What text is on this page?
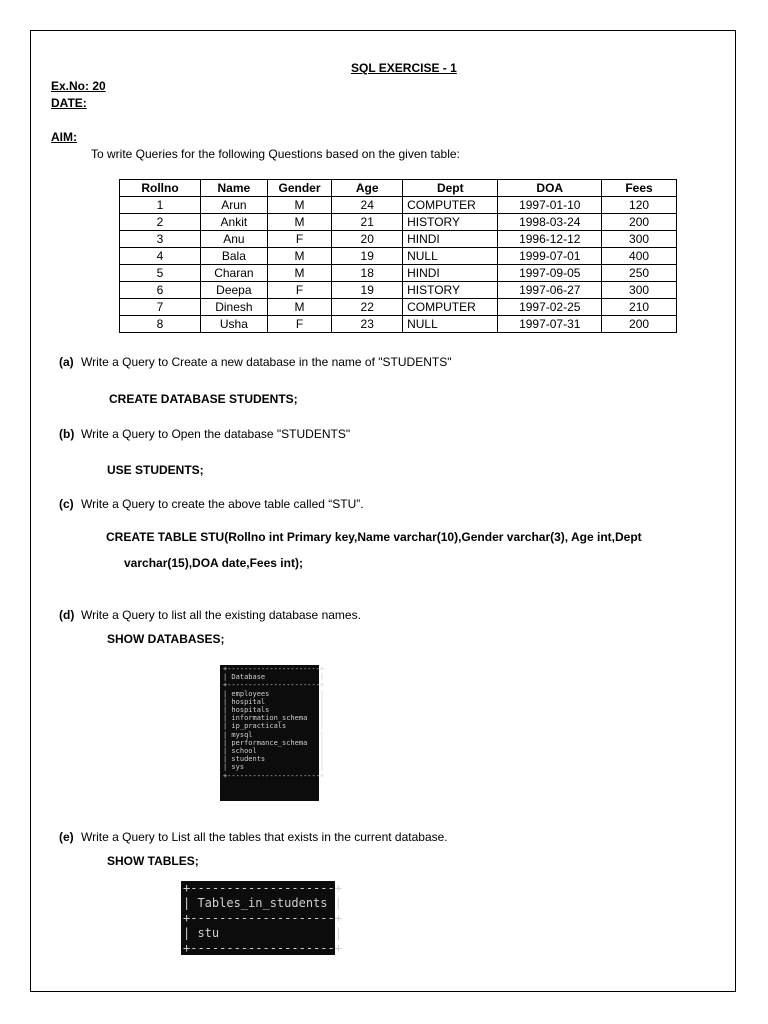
SQL EXERCISE - 1
Ex.No: 20
DATE:
AIM:
To write Queries for the following Questions based on the given table:
Rollno	Name	Gender	Age	Dept	DOA	Fees
1	Arun	M	24	COMPUTER	1997-01-10	120
2	Ankit	M	21	HISTORY	1998-03-24	200
3	Anu	F	20	HINDI	1996-12-12	300
4	Bala	M	19	NULL	1999-07-01	400
5	Charan	M	18	HINDI	1997-09-05	250
6	Deepa	F	19	HISTORY	1997-06-27	300
7	Dinesh	M	22	COMPUTER	1997-02-25	210
8	Usha	F	23	NULL	1997-07-31	200
(a) Write a Query to Create a new database in the name of "STUDENTS"
CREATE DATABASE STUDENTS;
(b) Write a Query to Open the database "STUDENTS"
USE STUDENTS;
(c) Write a Query to create the above table called “STU”.
CREATE TABLE STU(Rollno int Primary key,Name varchar(10),Gender varchar(3), Age int,Dept
varchar(15),DOA date,Fees int);
(d) Write a Query to list all the existing database names.
SHOW DATABASES;
+----------------------+
| Database             |
+----------------------+
| employees            |
| hospital             |
| hospitals            |
| information_schema   |
| ip_practicals        |
| mysql                |
| performance_schema   |
| school               |
| students             |
| sys                  |
+----------------------+
(e) Write a Query to List all the tables that exists in the current database.
SHOW TABLES;
+--------------------+
| Tables_in_students |
+--------------------+
| stu                |
+--------------------+
